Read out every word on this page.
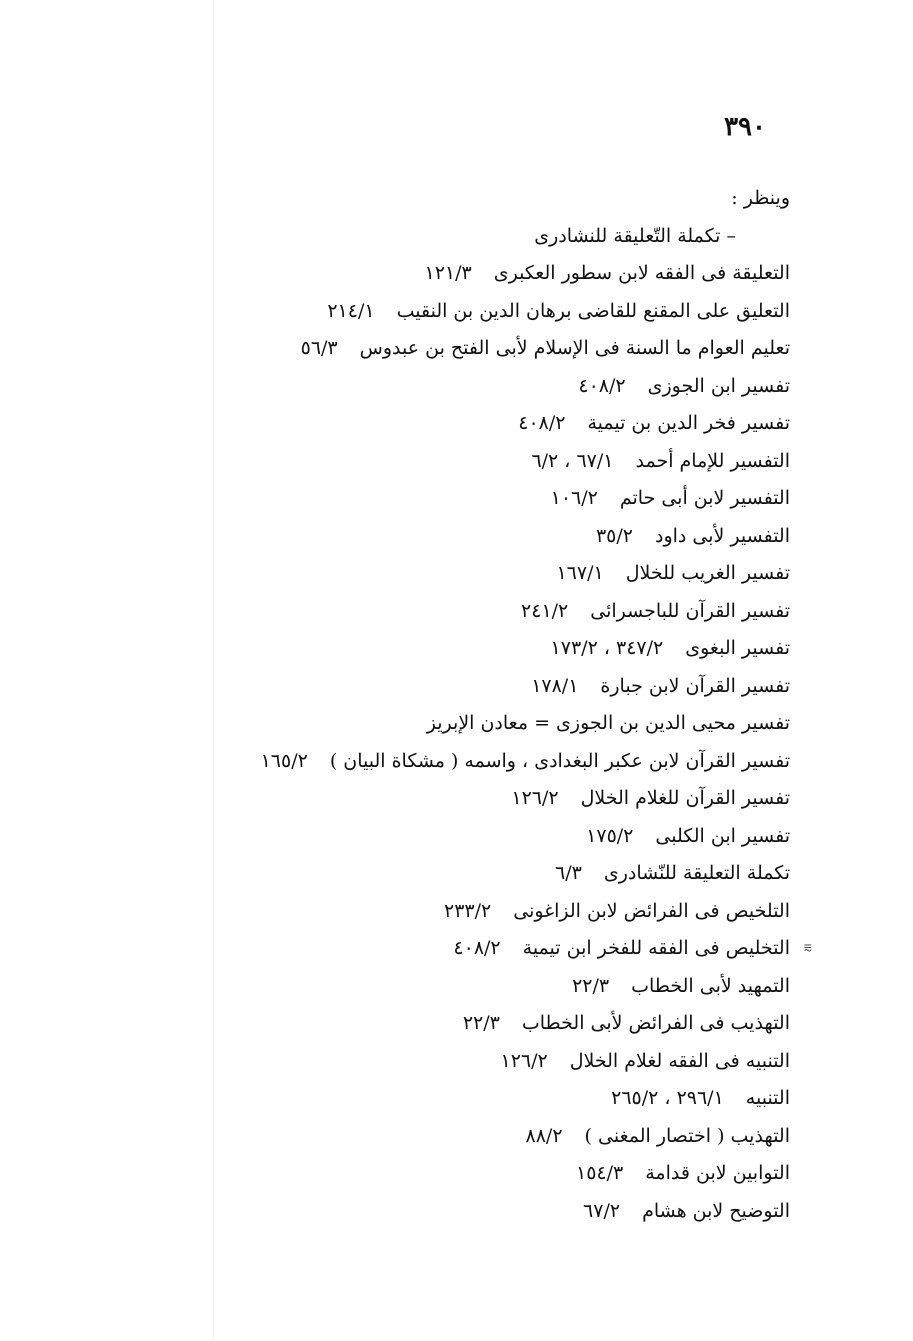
٣٩٠
وينظر :
– تكملة التّعليقة للنشادرى
التعليقة فى الفقه لابن سطور العكبرى١٢١/٣
التعليق على المقنع للقاضى برهان الدين بن النقيب٢١٤/١
تعليم العوام ما السنة فى الإسلام لأبى الفتح بن عبدوس٥٦/٣
تفسير ابن الجوزى٤٠٨/٢
تفسير فخر الدين بن تيمية٤٠٨/٢
التفسير للإمام أحمد٦٧/١ ، ٦/٢
التفسير لابن أبى حاتم١٠٦/٢
التفسير لأبى داود٣٥/٢
تفسير الغريب للخلال١٦٧/١
تفسير القرآن للباجسرائى٢٤١/٢
تفسير البغوى٣٤٧/٢ ، ١٧٣/٢
تفسير القرآن لابن جبارة١٧٨/١
تفسير محيى الدين بن الجوزى = معادن الإبريز
تفسير القرآن لابن عكبر البغدادى ، واسمه ( مشكاة البيان )١٦٥/٢
تفسير القرآن للغلام الخلال١٢٦/٢
تفسير ابن الكلبى١٧٥/٢
تكملة التعليقة للنّشادرى٦/٣
التلخيص فى الفرائض لابن الزاغونى٢٣٣/٢
⩳
التخليص فى الفقه للفخر ابن تيمية٤٠٨/٢
التمهيد لأبى الخطاب٢٢/٣
التهذيب فى الفرائض لأبى الخطاب٢٢/٣
التنبيه فى الفقه لغلام الخلال١٢٦/٢
التنبيه٢٩٦/١ ، ٢٦٥/٢
التهذيب ( اختصار المغنى )٨٨/٢
التوابين لابن قدامة١٥٤/٣
التوضيح لابن هشام٦٧/٢
